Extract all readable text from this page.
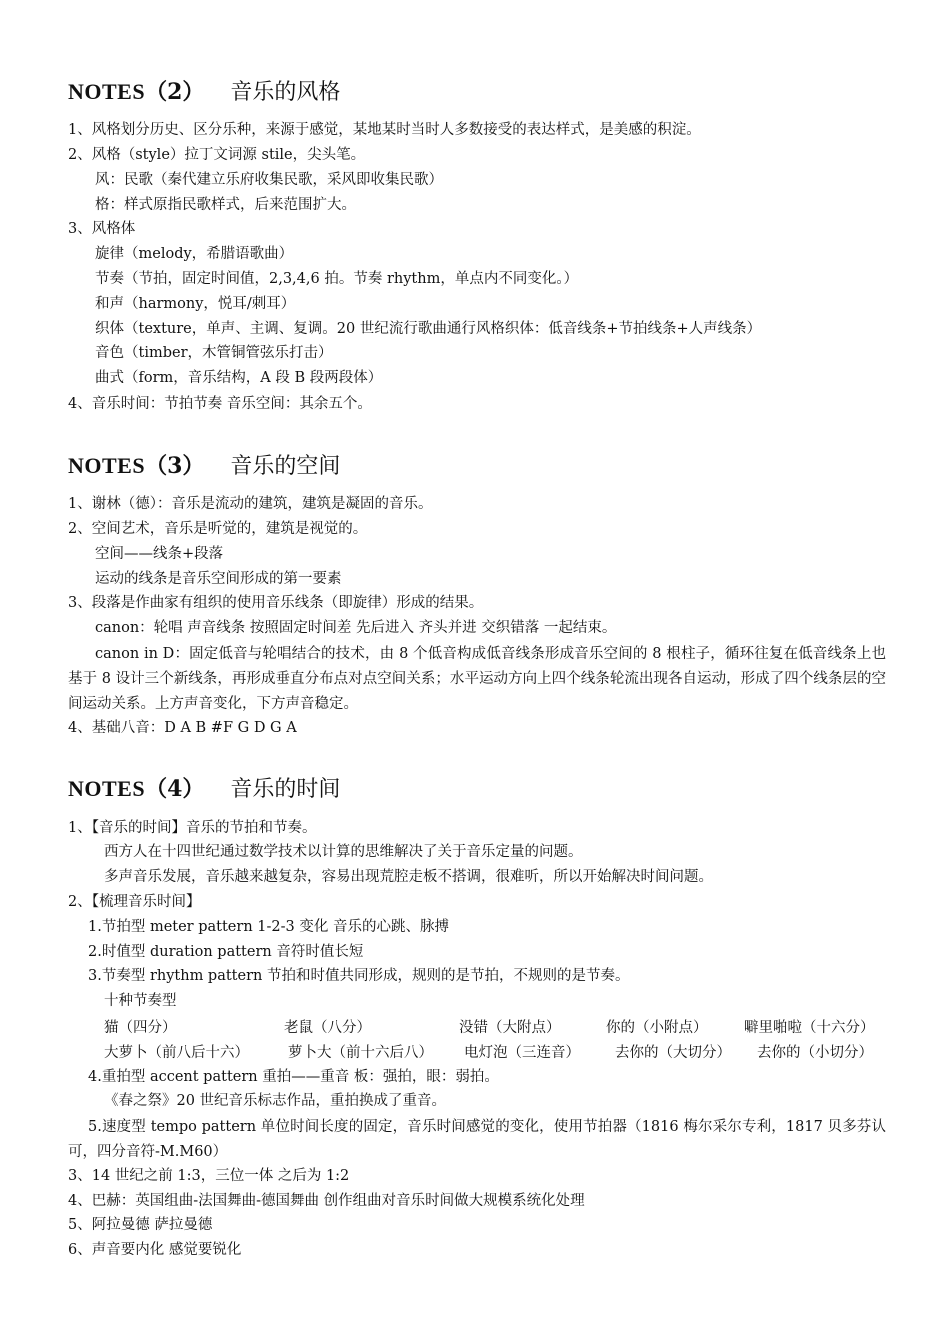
NOTES（2） 音乐的风格
1、风格划分历史、区分乐种，来源于感觉，某地某时当时人多数接受的表达样式，是美感的积淀。
2、风格（style）拉丁文词源 stile，尖头笔。
风：民歌（秦代建立乐府收集民歌，采风即收集民歌）
格：样式原指民歌样式，后来范围扩大。
3、风格体
旋律（melody，希腊语歌曲）
节奏（节拍，固定时间值，2,3,4,6 拍。节奏 rhythm，单点内不同变化。）
和声（harmony，悦耳/刺耳）
织体（texture，单声、主调、复调。20 世纪流行歌曲通行风格织体：低音线条+节拍线条+人声线条）
音色（timber，木管铜管弦乐打击）
曲式（form，音乐结构，A 段 B 段两段体）
4、音乐时间：节拍节奏 音乐空间：其余五个。
NOTES（3） 音乐的空间
1、谢林（德）：音乐是流动的建筑，建筑是凝固的音乐。
2、空间艺术，音乐是听觉的，建筑是视觉的。
空间——线条+段落
运动的线条是音乐空间形成的第一要素
3、段落是作曲家有组织的使用音乐线条（即旋律）形成的结果。
canon：轮唱 声音线条 按照固定时间差 先后进入 齐头并进 交织错落 一起结束。
canon in D：固定低音与轮唱结合的技术，由 8 个低音构成低音线条形成音乐空间的 8 根柱子，循环往复在低音线条上也基于 8 设计三个新线条，再形成垂直分布点对点空间关系；水平运动方向上四个线条轮流出现各自运动，形成了四个线条层的空间运动关系。上方声音变化，下方声音稳定。
4、基础八音：D A B #F G D G A
NOTES（4） 音乐的时间
1、【音乐的时间】音乐的节拍和节奏。
西方人在十四世纪通过数学技术以计算的思维解决了关于音乐定量的问题。
多声音乐发展，音乐越来越复杂，容易出现荒腔走板不搭调，很难听，所以开始解决时间问题。
2、【梳理音乐时间】
1.节拍型 meter pattern 1-2-3 变化 音乐的心跳、脉搏
2.时值型 duration pattern 音符时值长短
3.节奏型 rhythm pattern 节拍和时值共同形成，规则的是节拍，不规则的是节奏。
十种节奏型
猫（四分）	老鼠（八分）	没错（大附点）	你的（小附点）	噼里啪啦（十六分）
大萝卜（前八后十六）	萝卜大（前十六后八） 电灯泡（三连音） 去你的（大切分） 去你的（小切分）
4.重拍型 accent pattern 重拍——重音 板：强拍，眼：弱拍。
《春之祭》20 世纪音乐标志作品，重拍换成了重音。
5.速度型 tempo pattern 单位时间长度的固定，音乐时间感觉的变化，使用节拍器（1816 梅尔采尔专利，1817 贝多芬认可，四分音符-M.M60）
3、14 世纪之前 1:3，三位一体 之后为 1:2
4、巴赫：英国组曲-法国舞曲-德国舞曲 创作组曲对音乐时间做大规模系统化处理
5、阿拉曼德 萨拉曼德
6、声音要内化 感觉要锐化
